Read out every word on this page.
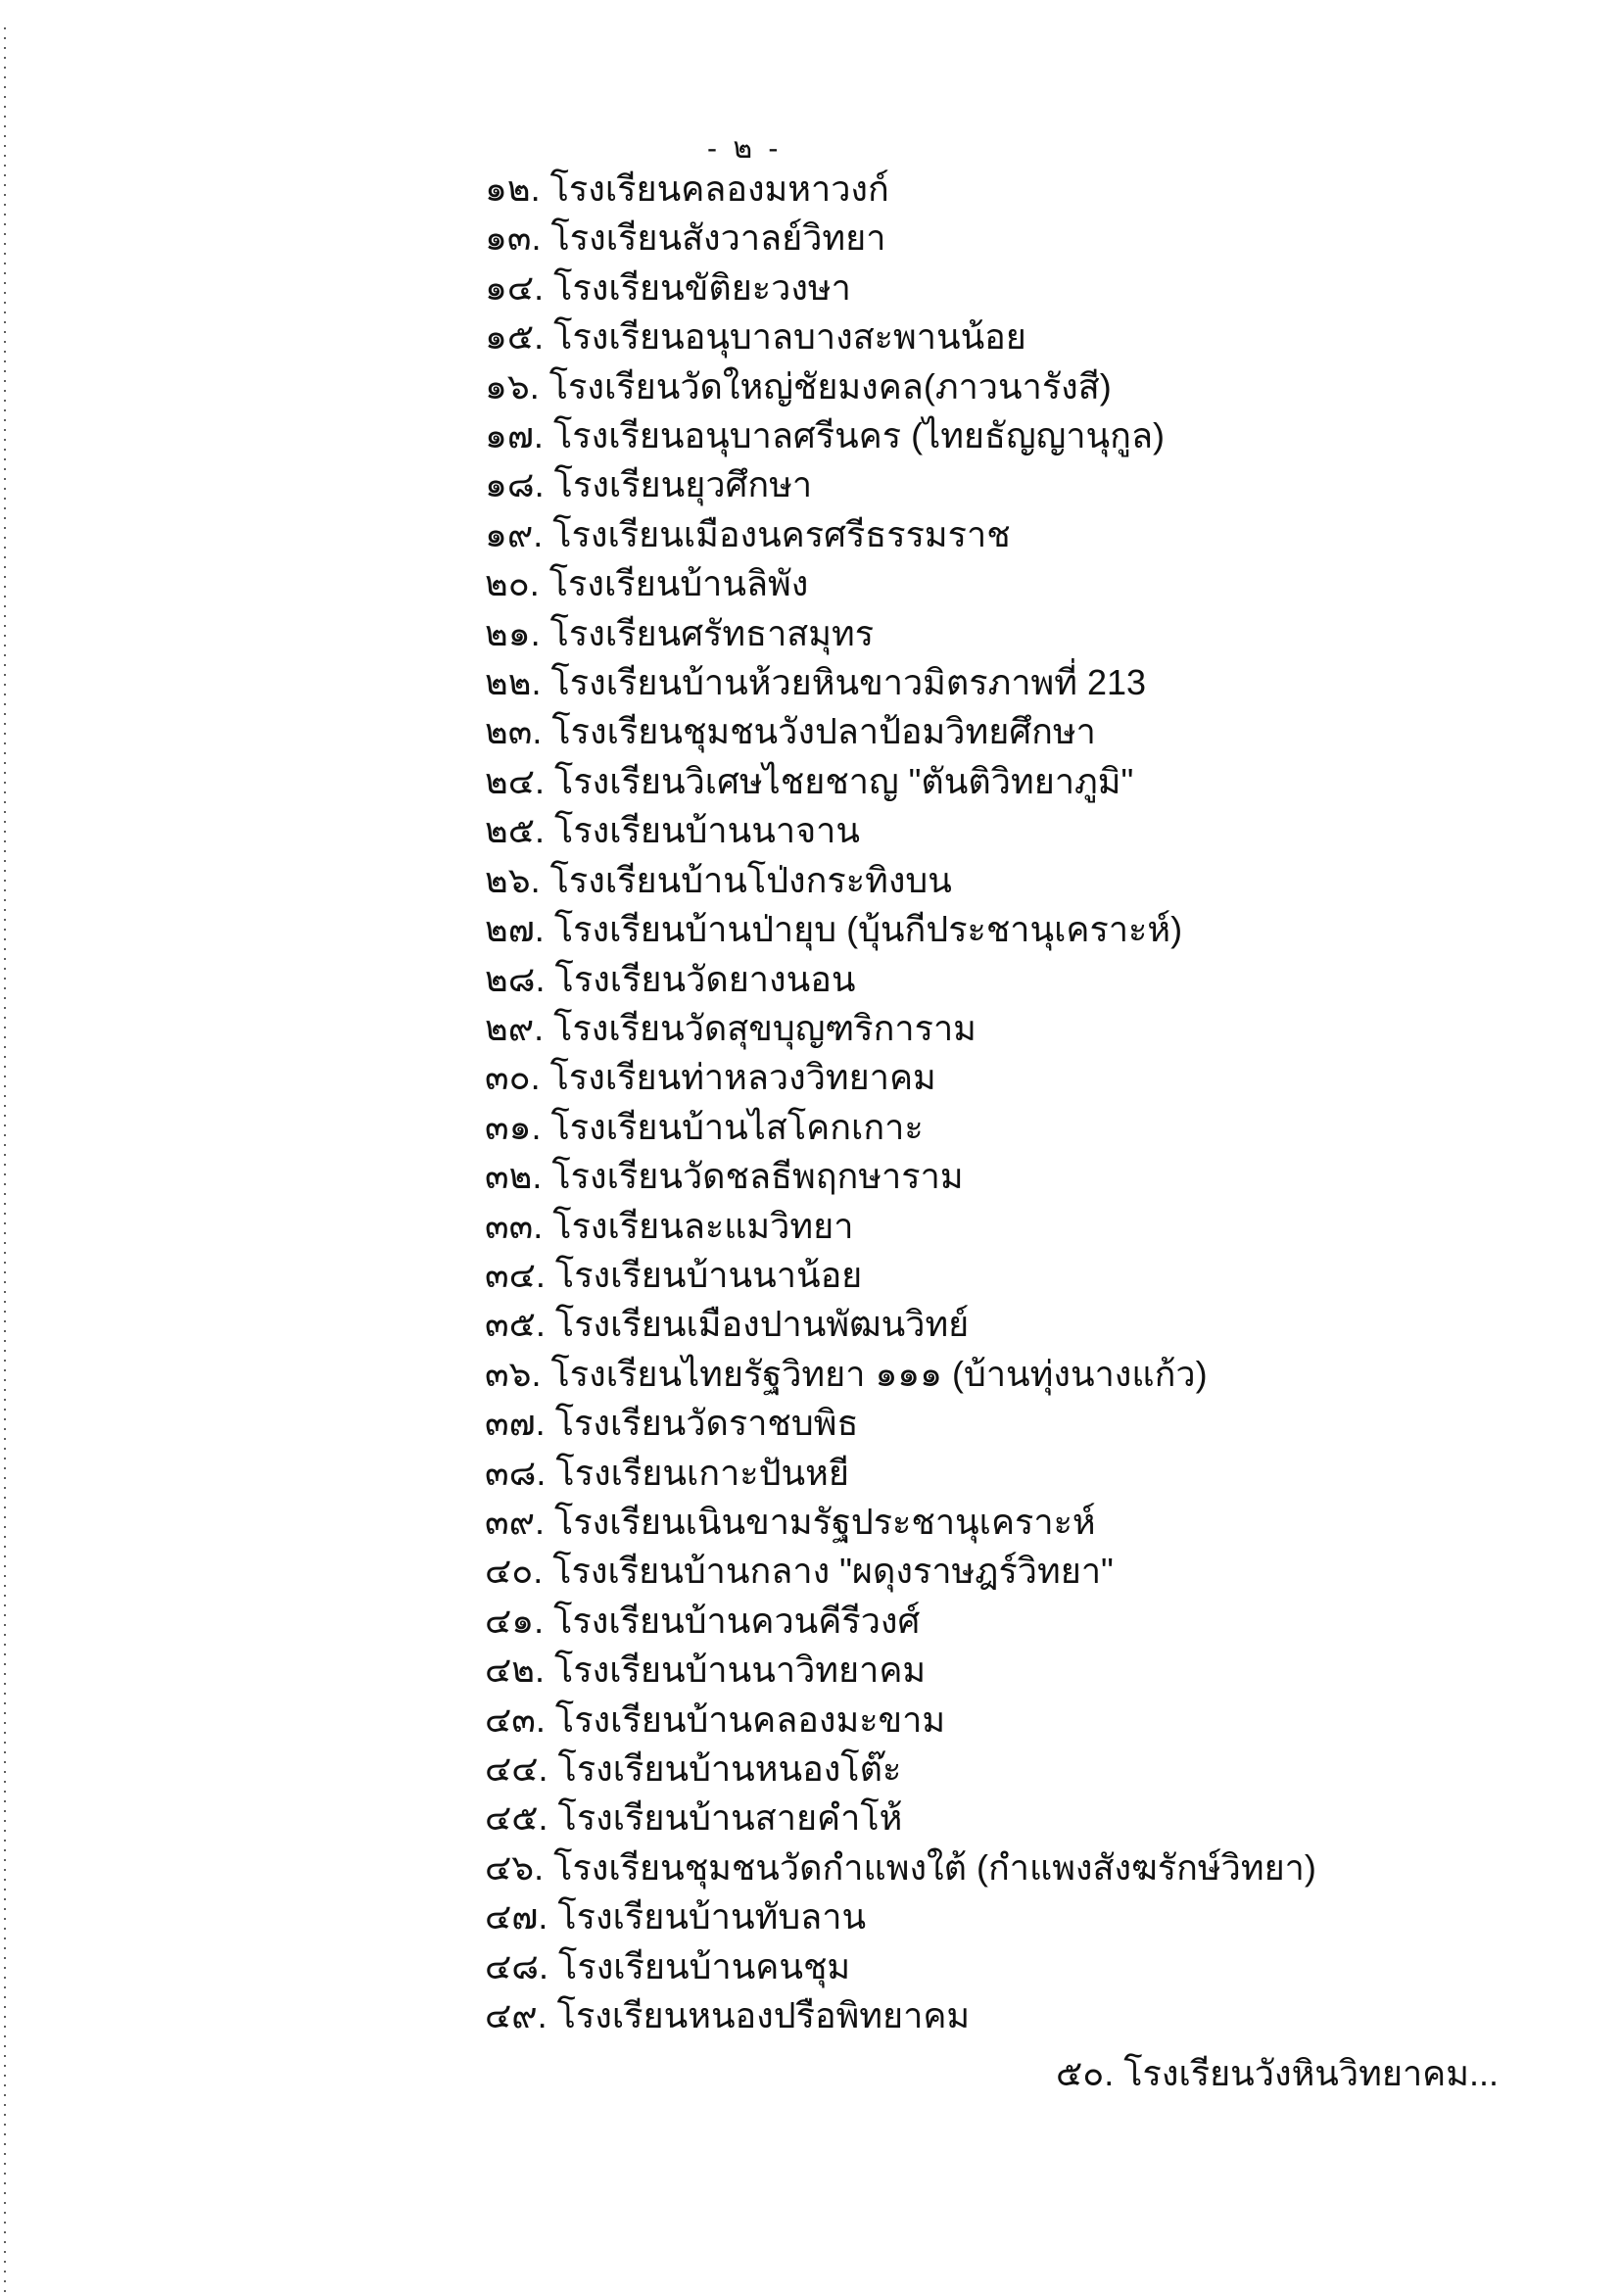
- ๒ -
๑๒. โรงเรียนคลองมหาวงก์
๑๓. โรงเรียนสังวาลย์วิทยา
๑๔. โรงเรียนขัติยะวงษา
๑๕. โรงเรียนอนุบาลบางสะพานน้อย
๑๖. โรงเรียนวัดใหญ่ชัยมงคล(ภาวนารังสี)
๑๗. โรงเรียนอนุบาลศรีนคร (ไทยธัญญานุกูล)
๑๘. โรงเรียนยุวศึกษา
๑๙. โรงเรียนเมืองนครศรีธรรมราช
๒๐. โรงเรียนบ้านลิพัง
๒๑. โรงเรียนศรัทธาสมุทร
๒๒. โรงเรียนบ้านห้วยหินขาวมิตรภาพที่ 213
๒๓. โรงเรียนชุมชนวังปลาป้อมวิทยศึกษา
๒๔. โรงเรียนวิเศษไชยชาญ "ตันติวิทยาภูมิ"
๒๕. โรงเรียนบ้านนาจาน
๒๖. โรงเรียนบ้านโป่งกระทิงบน
๒๗. โรงเรียนบ้านป่ายุบ (บุ้นกีประชานุเคราะห์)
๒๘. โรงเรียนวัดยางนอน
๒๙. โรงเรียนวัดสุขบุญฑริการาม
๓๐. โรงเรียนท่าหลวงวิทยาคม
๓๑. โรงเรียนบ้านไสโคกเกาะ
๓๒. โรงเรียนวัดชลธีพฤกษาราม
๓๓. โรงเรียนละแมวิทยา
๓๔. โรงเรียนบ้านนาน้อย
๓๕. โรงเรียนเมืองปานพัฒนวิทย์
๓๖. โรงเรียนไทยรัฐวิทยา ๑๑๑ (บ้านทุ่งนางแก้ว)
๓๗. โรงเรียนวัดราชบพิธ
๓๘. โรงเรียนเกาะปันหยี
๓๙. โรงเรียนเนินขามรัฐประชานุเคราะห์
๔๐. โรงเรียนบ้านกลาง "ผดุงราษฎร์วิทยา"
๔๑. โรงเรียนบ้านควนคีรีวงศ์
๔๒. โรงเรียนบ้านนาวิทยาคม
๔๓. โรงเรียนบ้านคลองมะขาม
๔๔. โรงเรียนบ้านหนองโต๊ะ
๔๕. โรงเรียนบ้านสายคำโห้
๔๖. โรงเรียนชุมชนวัดกำแพงใต้ (กำแพงสังฆรักษ์วิทยา)
๔๗. โรงเรียนบ้านทับลาน
๔๘. โรงเรียนบ้านคนชุม
๔๙. โรงเรียนหนองปรือพิทยาคม
๕๐. โรงเรียนวังหินวิทยาคม...
